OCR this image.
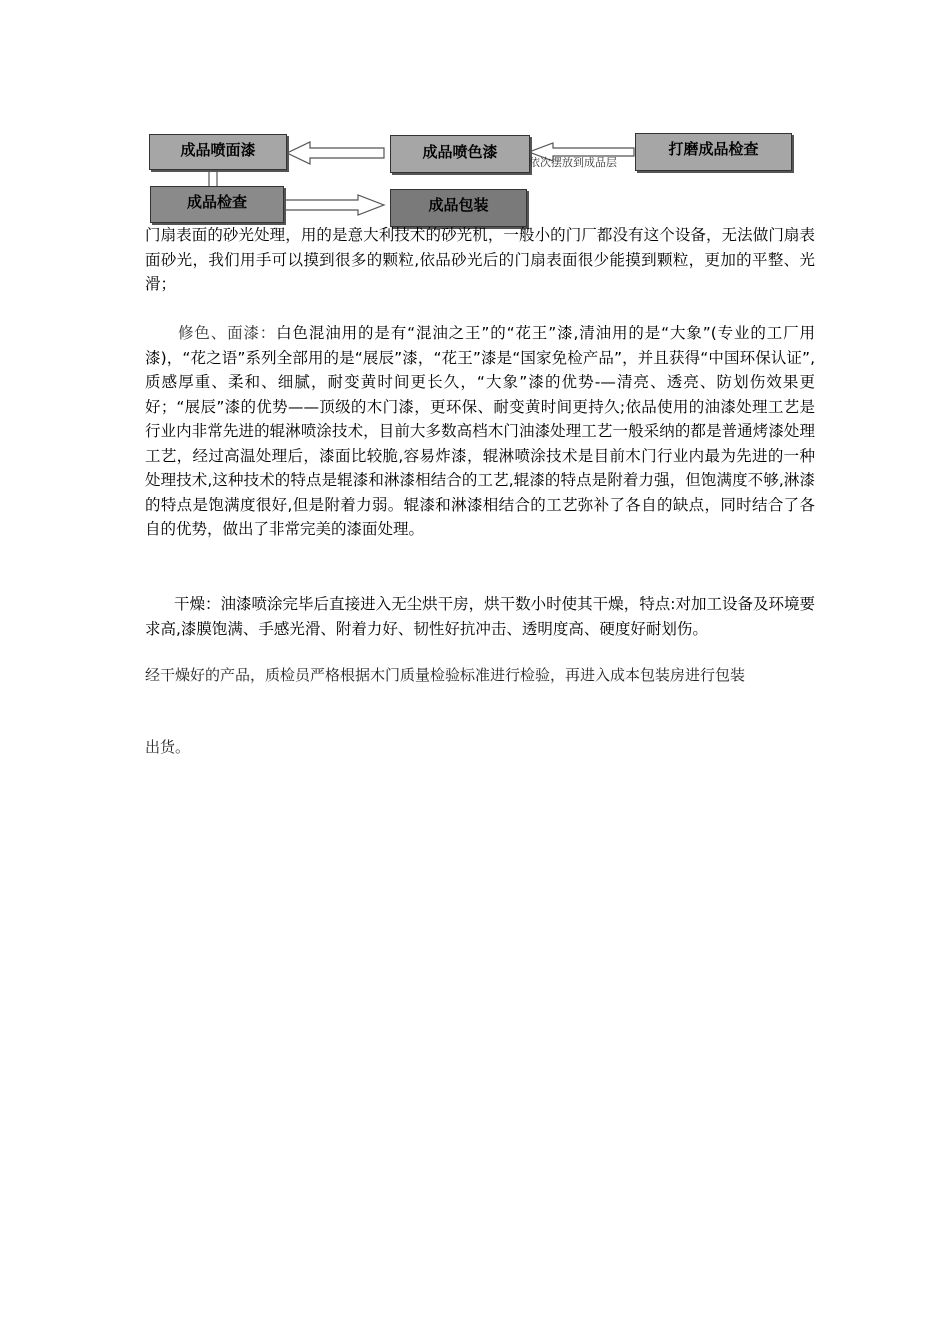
成品喷面漆	成品喷色漆
依次摆放到成品层
打磨成品检查
成品检查	成品包装

门扇表面的砂光处理，用的是意大利技术的砂光机，一般小的门厂都没有这个设备，无法做门扇表面砂光，我们用手可以摸到很多的颗粒,依品砂光后的门扇表面很少能摸到颗粒，更加的平整、光滑；

修色、面漆：白色混油用的是有“混油之王”的“花王”漆,清油用的是“大象”(专业的工厂用漆)，“花之语”系列全部用的是“展辰”漆，“花王”漆是“国家免检产品”，并且获得“中国环保认证”,质感厚重、柔和、细腻，耐变黄时间更长久，“大象”漆的优势-—清亮、透亮、防划伤效果更好；“展辰”漆的优势——顶级的木门漆，更环保、耐变黄时间更持久;依品使用的油漆处理工艺是行业内非常先进的辊淋喷涂技术，目前大多数高档木门油漆处理工艺一般采纳的都是普通烤漆处理工艺，经过高温处理后，漆面比较脆,容易炸漆，辊淋喷涂技术是目前木门行业内最为先进的一种处理技术,这种技术的特点是辊漆和淋漆相结合的工艺,辊漆的特点是附着力强，但饱满度不够,淋漆的特点是饱满度很好,但是附着力弱。辊漆和淋漆相结合的工艺弥补了各自的缺点，同时结合了各自的优势，做出了非常完美的漆面处理。

干燥：油漆喷涂完毕后直接进入无尘烘干房，烘干数小时使其干燥，特点:对加工设备及环境要求高,漆膜饱满、手感光滑、附着力好、韧性好抗冲击、透明度高、硬度好耐划伤。

经干燥好的产品，质检员严格根据木门质量检验标准进行检验，再进入成本包装房进行包装

出货。
